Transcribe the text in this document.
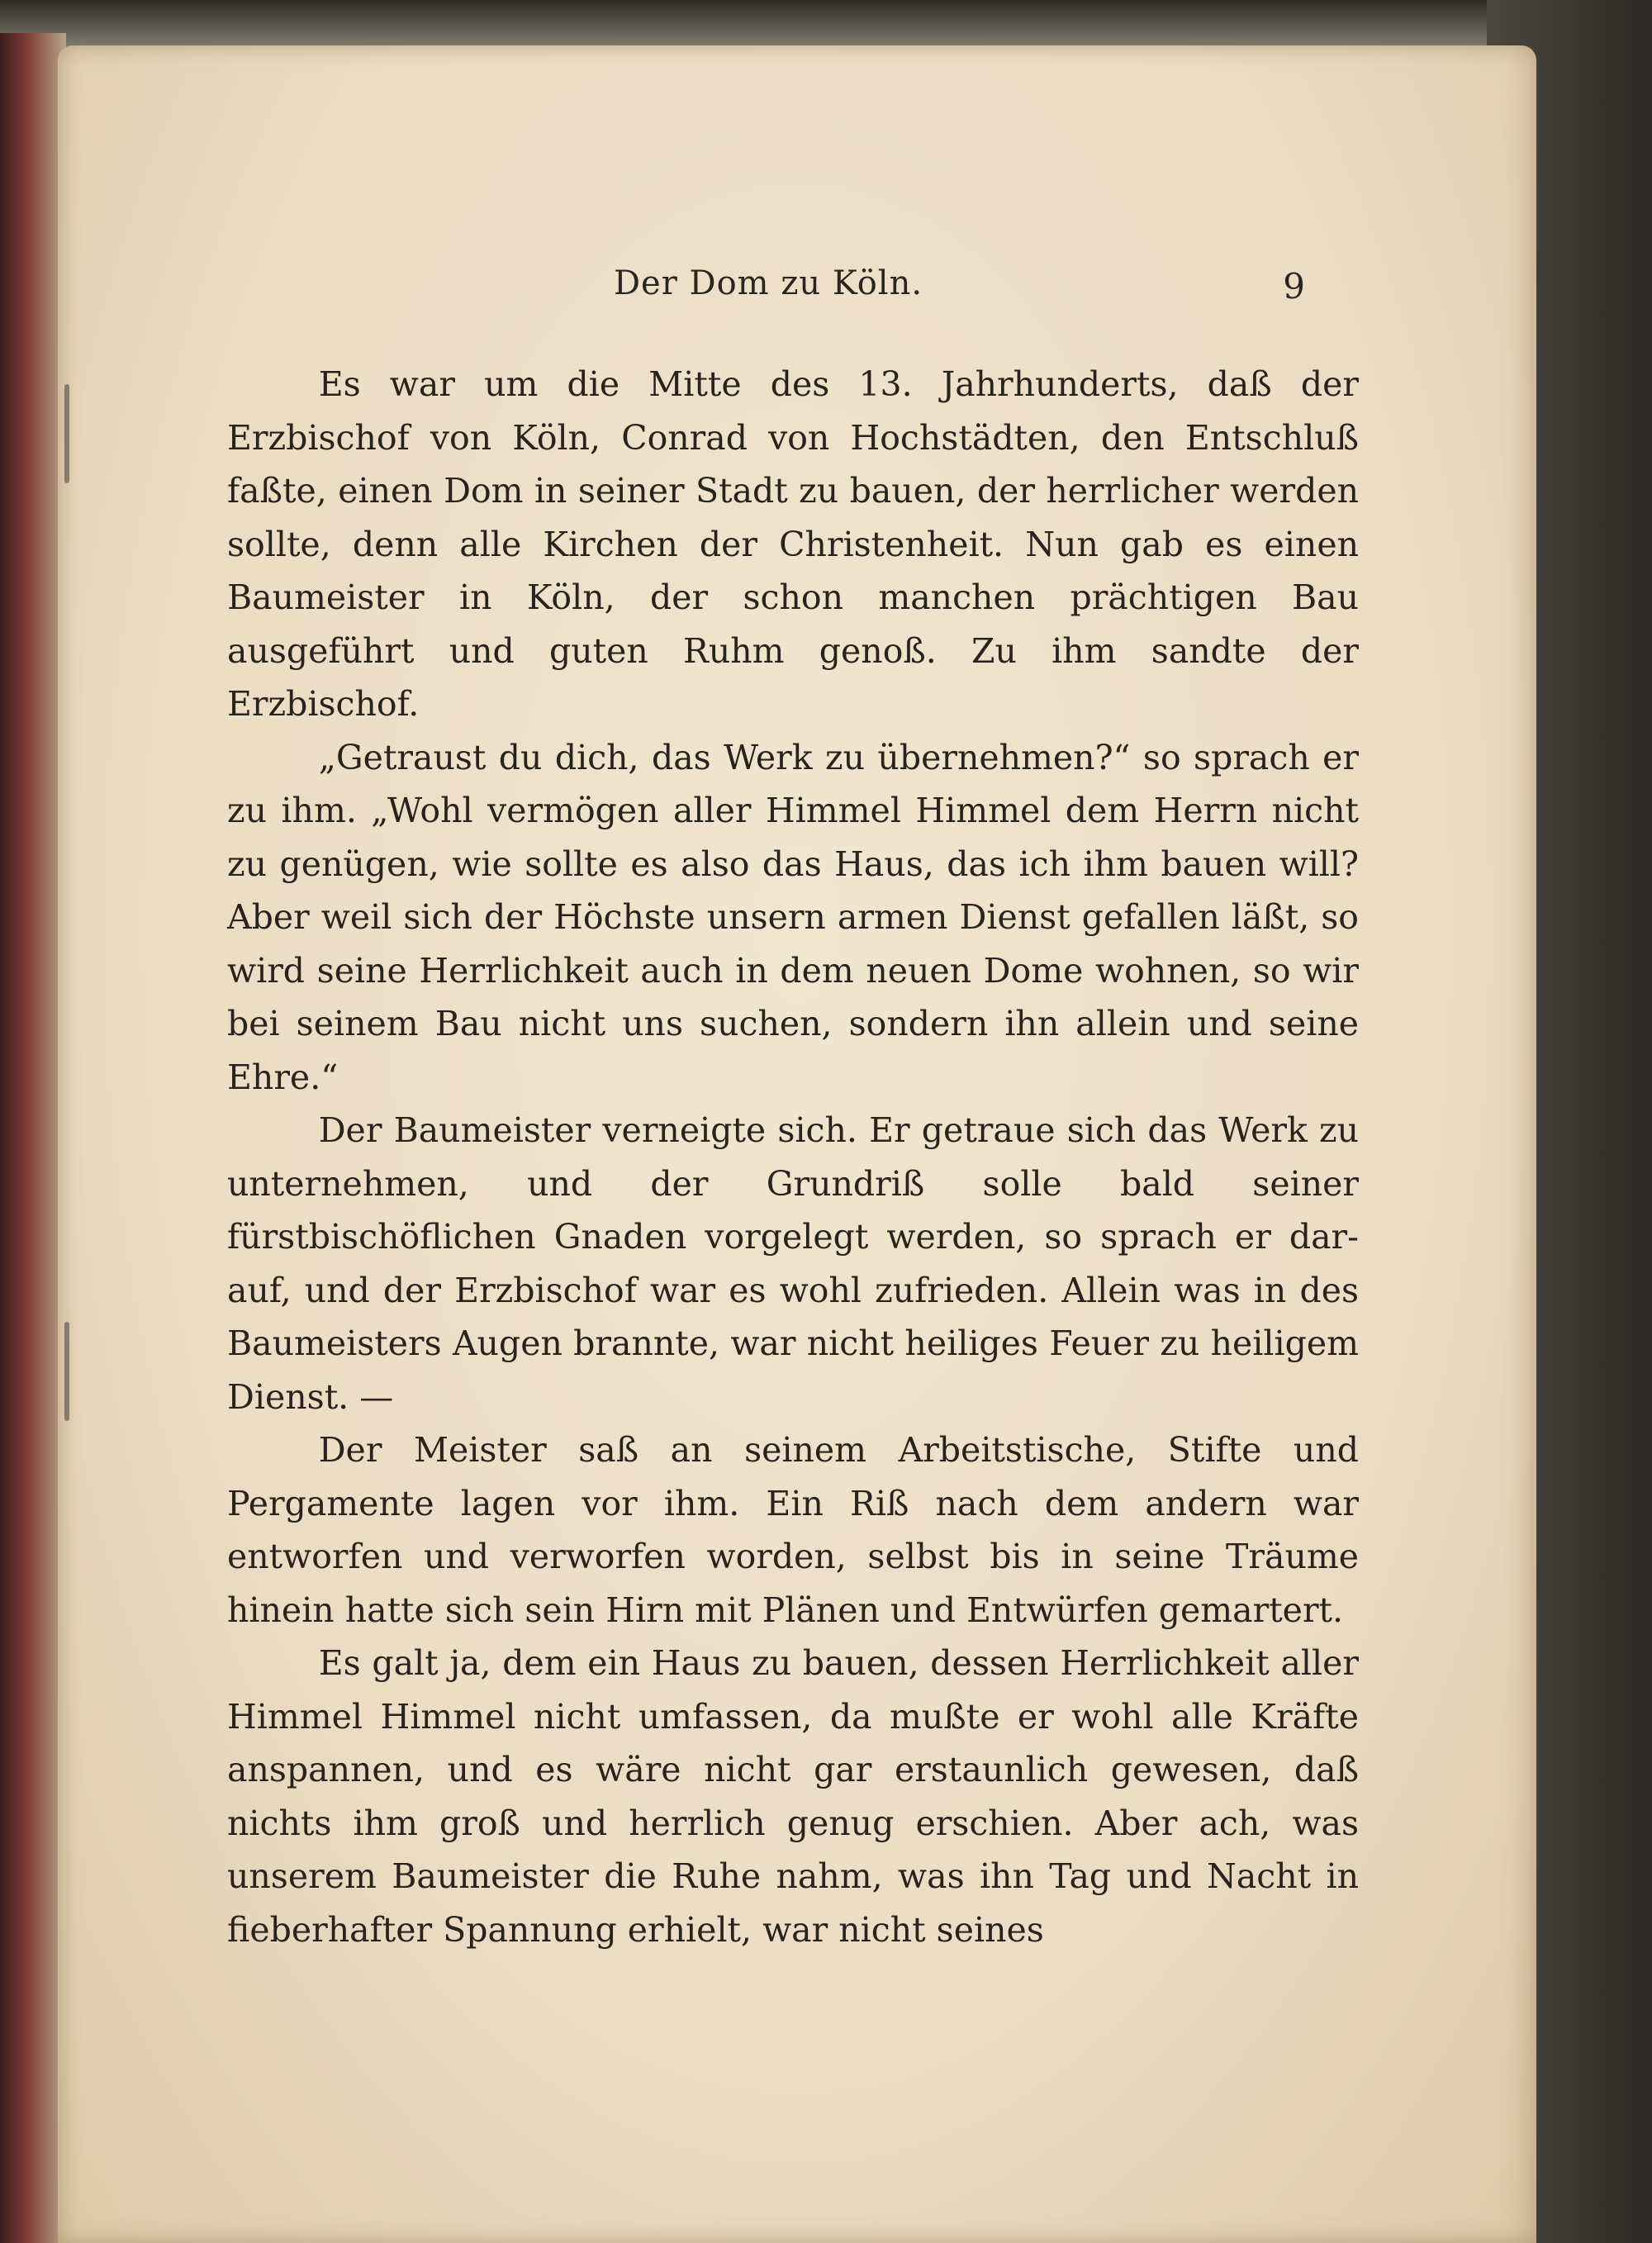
Der Dom zu Köln.	9

Es war um die Mitte des 13. Jahrhunderts, daß der Erzbischof von Köln, Conrad von Hochstädten, den Entschluß faßte, einen Dom in seiner Stadt zu bauen, der herrlicher werden sollte, denn alle Kirchen der Christenheit. Nun gab es einen Baumeister in Köln, der schon manchen prächtigen Bau ausgeführt und guten Ruhm genoß. Zu ihm sandte der Erzbischof.

„Getraust du dich, das Werk zu übernehmen?“ so sprach er zu ihm. „Wohl vermögen aller Himmel Himmel dem Herrn nicht zu genügen, wie sollte es also das Haus, das ich ihm bauen will? Aber weil sich der Höchste unsern armen Dienst gefallen läßt, so wird seine Herrlichkeit auch in dem neuen Dome wohnen, so wir bei seinem Bau nicht uns suchen, sondern ihn allein und seine Ehre.“

Der Baumeister verneigte sich. Er getraue sich das Werk zu unternehmen, und der Grundriß solle bald seiner fürstbischöflichen Gnaden vorgelegt werden, so sprach er darauf, und der Erzbischof war es wohl zufrieden. Allein was in des Baumeisters Augen brannte, war nicht heiliges Feuer zu heiligem Dienst. —

Der Meister saß an seinem Arbeitstische, Stifte und Pergamente lagen vor ihm. Ein Riß nach dem andern war entworfen und verworfen worden, selbst bis in seine Träume hinein hatte sich sein Hirn mit Plänen und Entwürfen gemartert.

Es galt ja, dem ein Haus zu bauen, dessen Herrlichkeit aller Himmel Himmel nicht umfassen, da mußte er wohl alle Kräfte anspannen, und es wäre nicht gar erstaunlich gewesen, daß nichts ihm groß und herrlich genug erschien. Aber ach, was unserem Baumeister die Ruhe nahm, was ihn Tag und Nacht in fieberhafter Spannung erhielt, war nicht seines
